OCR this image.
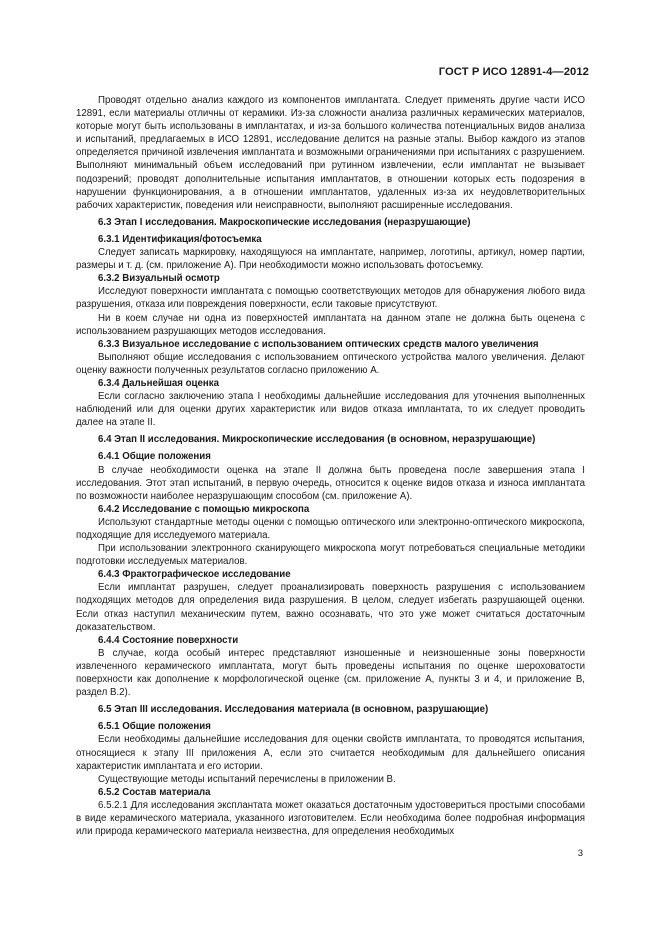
ГОСТ Р ИСО 12891-4—2012

Проводят отдельно анализ каждого из компонентов имплантата. Следует применять другие части ИСО 12891, если материалы отличны от керамики. Из-за сложности анализа различных керамических материалов, которые могут быть использованы в имплантатах, и из-за большого количества потенциальных видов анализа и испытаний, предлагаемых в ИСО 12891, исследование делится на разные этапы. Выбор каждого из этапов определяется причиной извлечения имплантата и возможными ограничениями при испытаниях с разрушением. Выполняют минимальный объем исследований при рутинном извлечении, если имплантат не вызывает подозрений; проводят дополнительные испытания имплантатов, в отношении которых есть подозрения в нарушении функционирования, а в отношении имплантатов, удаленных из-за их неудовлетворительных рабочих характеристик, поведения или неисправности, выполняют расширенные исследования.

6.3 Этап I исследования. Макроскопические исследования (неразрушающие)

6.3.1 Идентификация/фотосъемка

Следует записать маркировку, находящуюся на имплантате, например, логотипы, артикул, номер партии, размеры и т. д. (см. приложение А). При необходимости можно использовать фотосъемку.

6.3.2 Визуальный осмотр

Исследуют поверхности имплантата с помощью соответствующих методов для обнаружения любого вида разрушения, отказа или повреждения поверхности, если таковые присутствуют.

Ни в коем случае ни одна из поверхностей имплантата на данном этапе не должна быть оценена с использованием разрушающих методов исследования.

6.3.3 Визуальное исследование с использованием оптических средств малого увеличения

Выполняют общие исследования с использованием оптического устройства малого увеличения. Делают оценку важности полученных результатов согласно приложению А.

6.3.4 Дальнейшая оценка

Если согласно заключению этапа I необходимы дальнейшие исследования для уточнения выполненных наблюдений или для оценки других характеристик или видов отказа имплантата, то их следует проводить далее на этапе II.

6.4 Этап II исследования. Микроскопические исследования (в основном, неразрушающие)

6.4.1 Общие положения

В случае необходимости оценка на этапе II должна быть проведена после завершения этапа I исследования. Этот этап испытаний, в первую очередь, относится к оценке видов отказа и износа имплантата по возможности наиболее неразрушающим способом (см. приложение А).

6.4.2 Исследование с помощью микроскопа

Используют стандартные методы оценки с помощью оптического или электронно-оптического микроскопа, подходящие для исследуемого материала.

При использовании электронного сканирующего микроскопа могут потребоваться специальные методики подготовки исследуемых материалов.

6.4.3 Фрактографическое исследование

Если имплантат разрушен, следует проанализировать поверхность разрушения с использованием подходящих методов для определения вида разрушения. В целом, следует избегать разрушающей оценки. Если отказ наступил механическим путем, важно осознавать, что это уже может считаться достаточным доказательством.

6.4.4 Состояние поверхности

В случае, когда особый интерес представляют изношенные и неизношенные зоны поверхности извлеченного керамического имплантата, могут быть проведены испытания по оценке шероховатости поверхности как дополнение к морфологической оценке (см. приложение А, пункты 3 и 4, и приложение В, раздел В.2).

6.5 Этап III исследования. Исследования материала (в основном, разрушающие)

6.5.1 Общие положения

Если необходимы дальнейшие исследования для оценки свойств имплантата, то проводятся испытания, относящиеся к этапу III приложения А, если это считается необходимым для дальнейшего описания характеристик имплантата и его истории.

Существующие методы испытаний перечислены в приложении В.

6.5.2 Состав материала

6.5.2.1 Для исследования эксплантата может оказаться достаточным удостовериться простыми способами в виде керамического материала, указанного изготовителем. Если необходима более подробная информация или природа керамического материала неизвестна, для определения необходимых

3
